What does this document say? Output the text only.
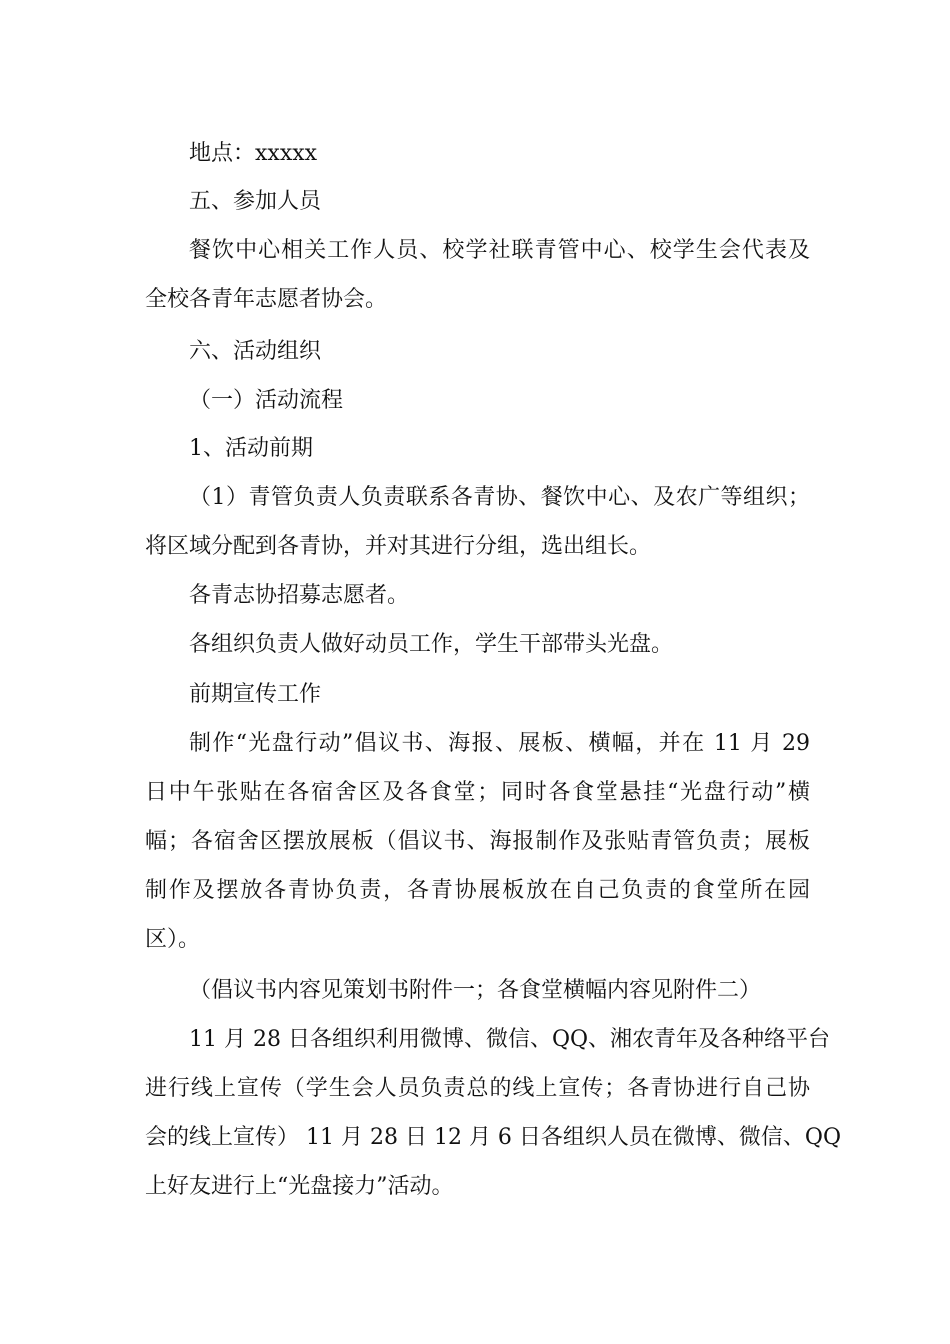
地点：xxxxx
五、参加人员
餐饮中心相关工作人员、校学社联青管中心、校学生会代表及
全校各青年志愿者协会。
六、活动组织
（一）活动流程
1、活动前期
（1）青管负责人负责联系各青协、餐饮中心、及农广等组织；
将区域分配到各青协，并对其进行分组，选出组长。
各青志协招募志愿者。
各组织负责人做好动员工作，学生干部带头光盘。
前期宣传工作
制作“光盘行动”倡议书、海报、展板、横幅，并在 11 月 29
日中午张贴在各宿舍区及各食堂；同时各食堂悬挂“光盘行动”横
幅；各宿舍区摆放展板（倡议书、海报制作及张贴青管负责；展板
制作及摆放各青协负责，各青协展板放在自己负责的食堂所在园
区）。
（倡议书内容见策划书附件一；各食堂横幅内容见附件二）
11 月 28 日各组织利用微博、微信、QQ、湘农青年及各种络平台
进行线上宣传（学生会人员负责总的线上宣传；各青协进行自己协
会的线上宣传） 11 月 28 日 12 月 6 日各组织人员在微博、微信、QQ
上好友进行上“光盘接力”活动。
